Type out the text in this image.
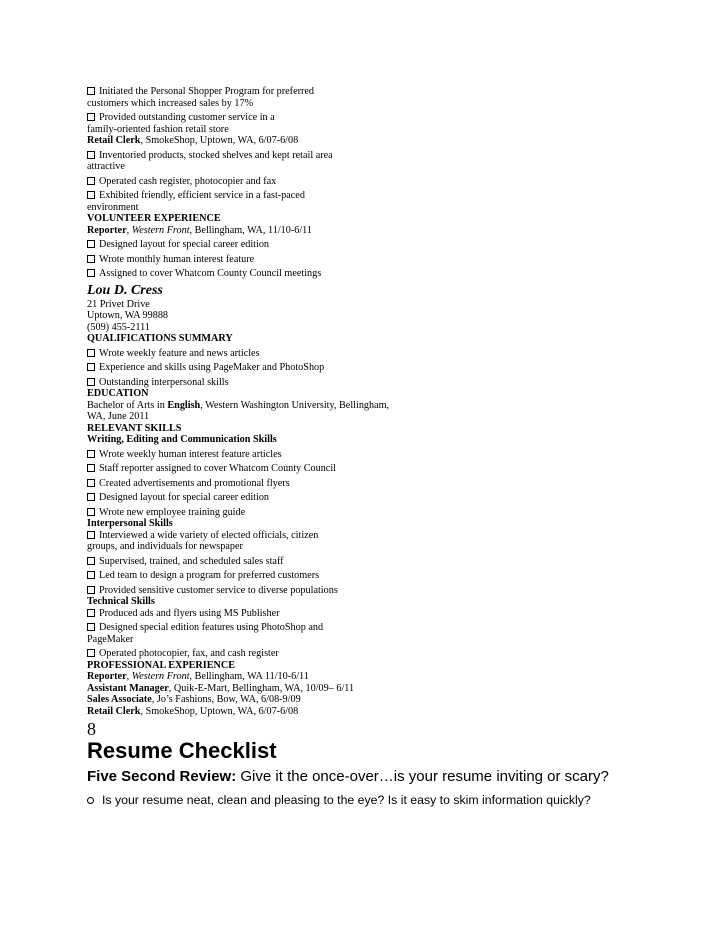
Initiated the Personal Shopper Program for preferred
customers which increased sales by 17%
Provided outstanding customer service in a
family-oriented fashion retail store
Retail Clerk, SmokeShop, Uptown, WA, 6/07-6/08
Inventoried products, stocked shelves and kept retail area
attractive
Operated cash register, photocopier and fax
Exhibited friendly, efficient service in a fast-paced
environment
VOLUNTEER EXPERIENCE
Reporter, Western Front, Bellingham, WA, 11/10-6/11
Designed layout for special career edition
Wrote monthly human interest feature
Assigned to cover Whatcom County Council meetings
Lou D. Cress
21 Privet Drive
Uptown, WA 99888
(509) 455-2111
QUALIFICATIONS SUMMARY
Wrote weekly feature and news articles
Experience and skills using PageMaker and PhotoShop
Outstanding interpersonal skills
EDUCATION
Bachelor of Arts in English, Western Washington University, Bellingham,
WA, June 2011
RELEVANT SKILLS
Writing, Editing and Communication Skills
Wrote weekly human interest feature articles
Staff reporter assigned to cover Whatcom County Council
Created advertisements and promotional flyers
Designed layout for special career edition
Wrote new employee training guide
Interpersonal Skills
Interviewed a wide variety of elected officials, citizen
groups, and individuals for newspaper
Supervised, trained, and scheduled sales staff
Led team to design a program for preferred customers
Provided sensitive customer service to diverse populations
Technical Skills
Produced ads and flyers using MS Publisher
Designed special edition features using PhotoShop and
PageMaker
Operated photocopier, fax, and cash register
PROFESSIONAL EXPERIENCE
Reporter, Western Front, Bellingham, WA 11/10-6/11
Assistant Manager, Quik-E-Mart, Bellingham, WA, 10/09– 6/11
Sales Associate, Jo’s Fashions, Bow, WA, 6/08-9/09
Retail Clerk, SmokeShop, Uptown, WA, 6/07-6/08
8
Resume Checklist
Five Second Review: Give it the once-over…is your resume inviting or scary?
Is your resume neat, clean and pleasing to the eye? Is it easy to skim information quickly?
